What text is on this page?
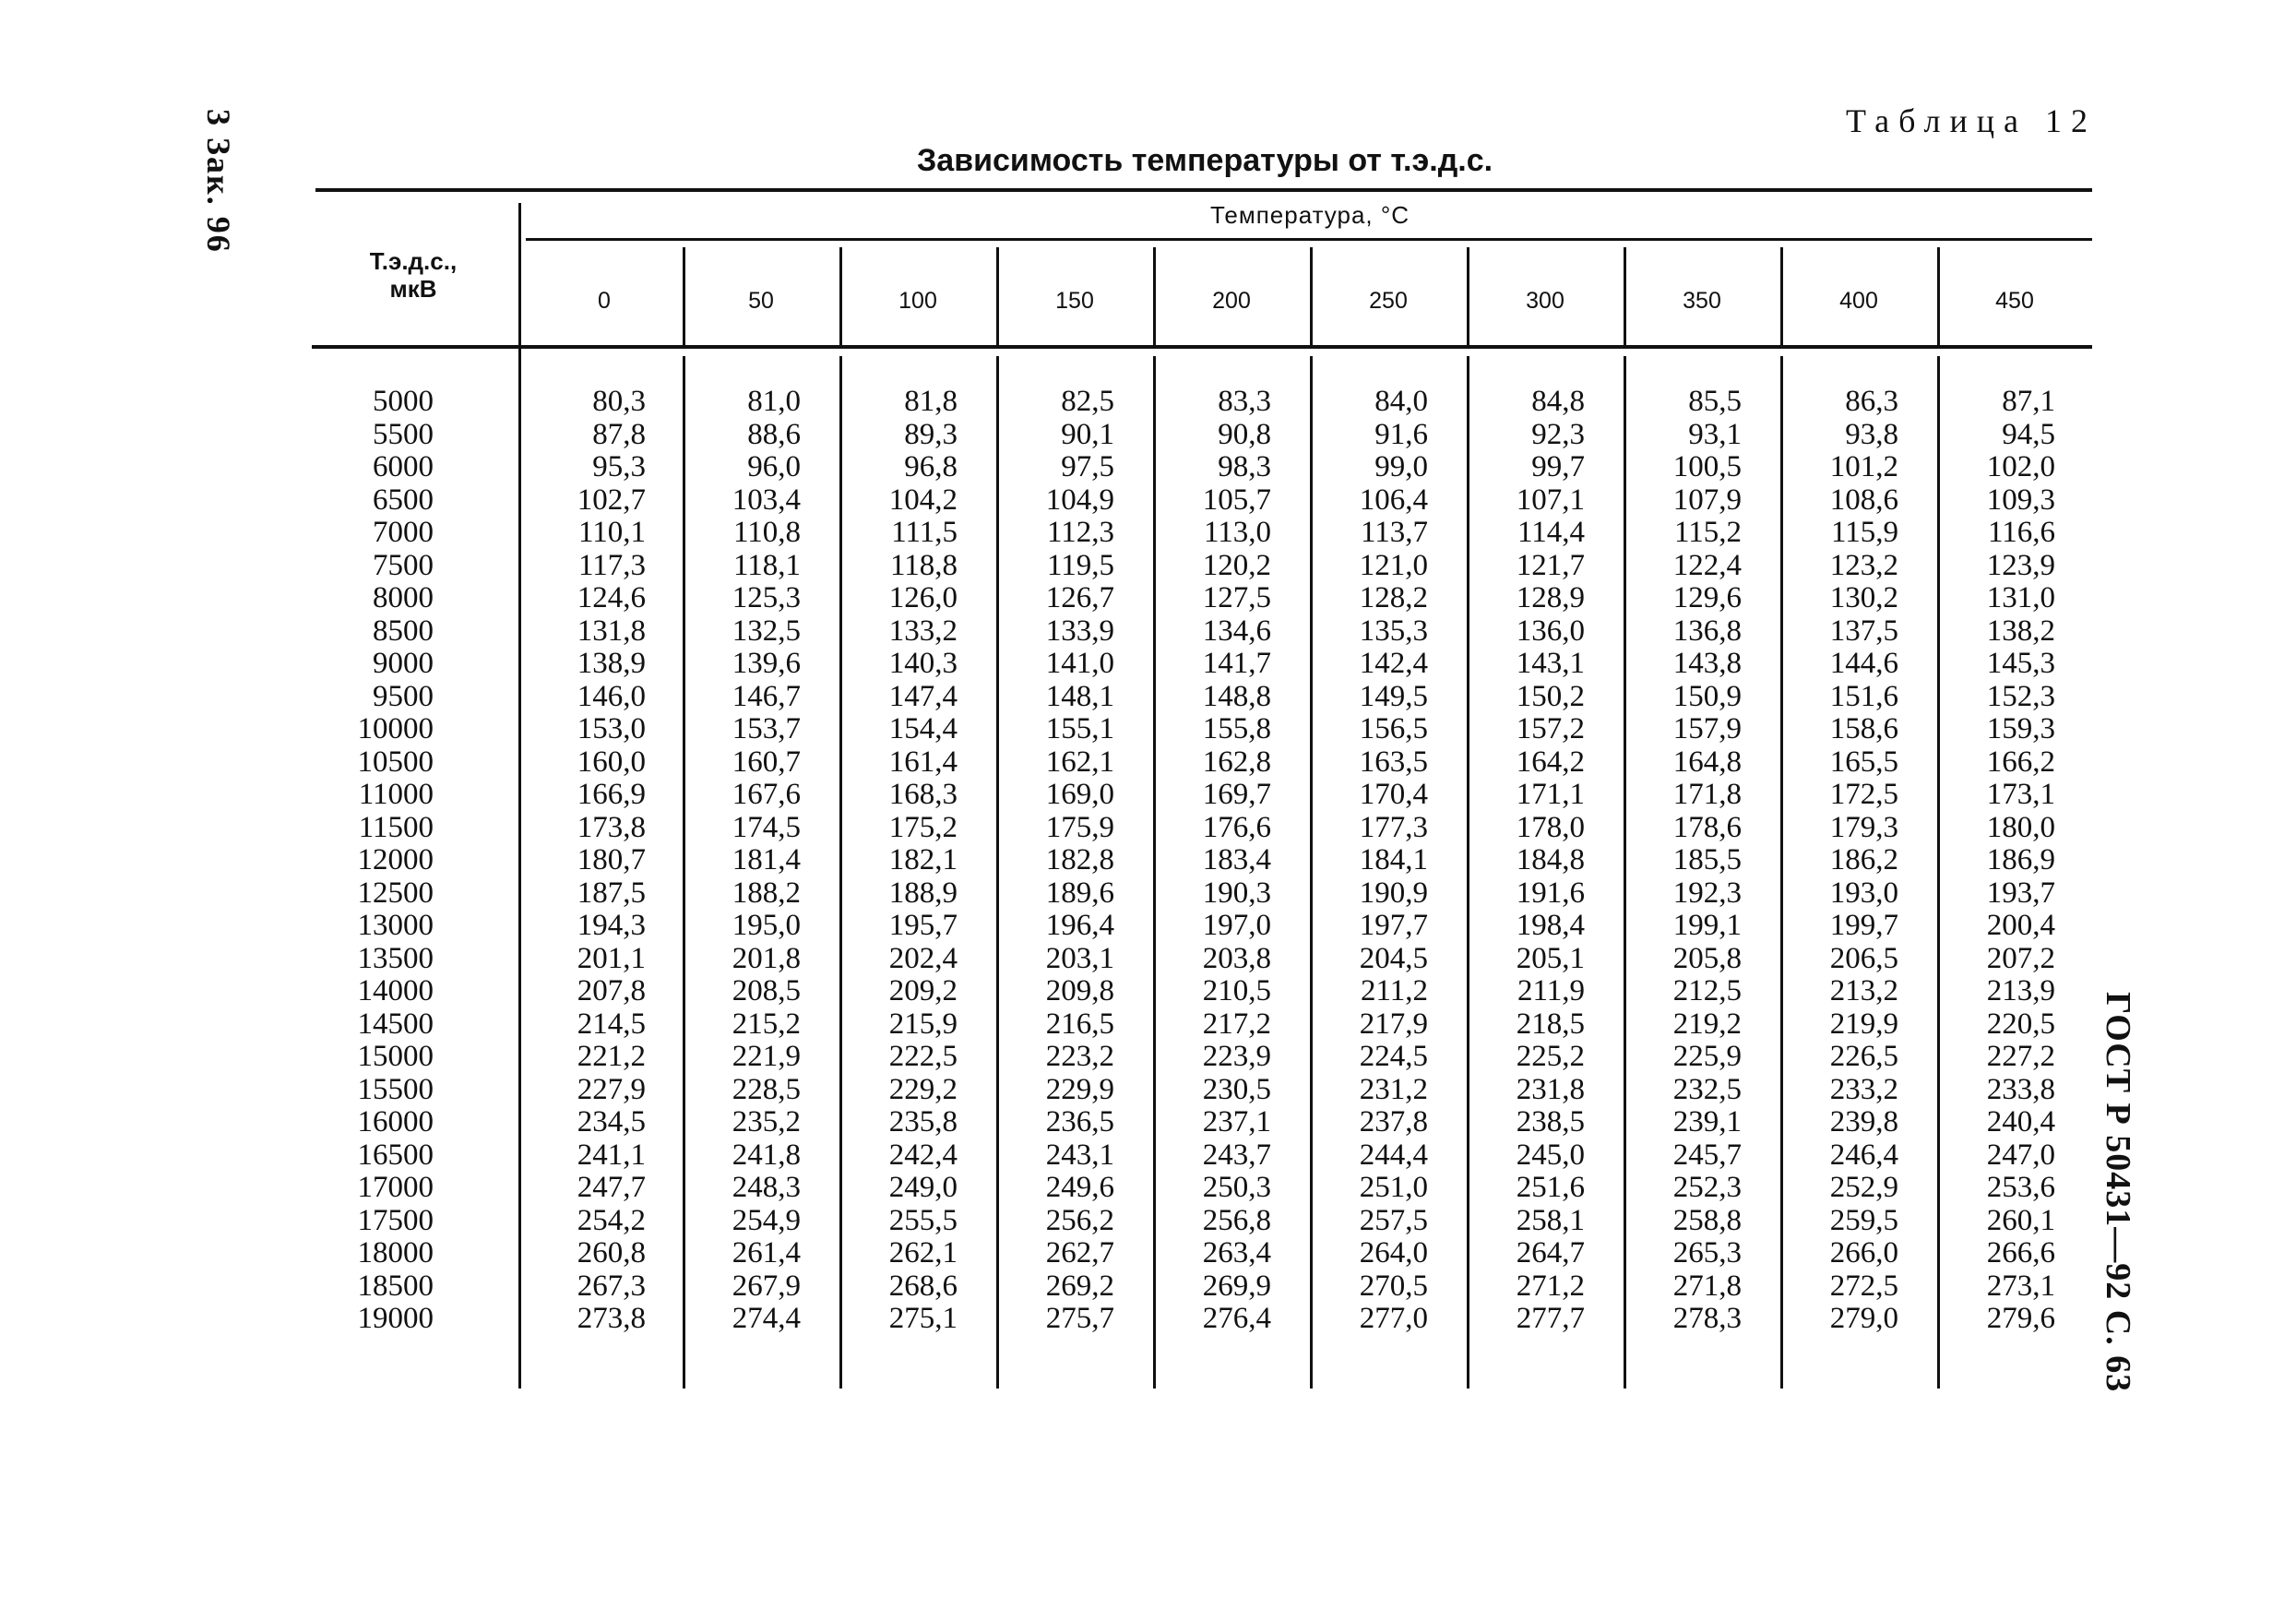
3 Зак. 96
ГОСТ Р 50431—92 С. 63
Таблица 12
Зависимость температуры от т.э.д.с.
Т.э.д.с.,
мкВ
Температура, °С
0	50	100	150	200	250	300	350	400	450
5000	80,3	81,0	81,8	82,5	83,3	84,0	84,8	85,5	86,3	87,1
5500	87,8	88,6	89,3	90,1	90,8	91,6	92,3	93,1	93,8	94,5
6000	95,3	96,0	96,8	97,5	98,3	99,0	99,7	100,5	101,2	102,0
6500	102,7	103,4	104,2	104,9	105,7	106,4	107,1	107,9	108,6	109,3
7000	110,1	110,8	111,5	112,3	113,0	113,7	114,4	115,2	115,9	116,6
7500	117,3	118,1	118,8	119,5	120,2	121,0	121,7	122,4	123,2	123,9
8000	124,6	125,3	126,0	126,7	127,5	128,2	128,9	129,6	130,2	131,0
8500	131,8	132,5	133,2	133,9	134,6	135,3	136,0	136,8	137,5	138,2
9000	138,9	139,6	140,3	141,0	141,7	142,4	143,1	143,8	144,6	145,3
9500	146,0	146,7	147,4	148,1	148,8	149,5	150,2	150,9	151,6	152,3
10000	153,0	153,7	154,4	155,1	155,8	156,5	157,2	157,9	158,6	159,3
10500	160,0	160,7	161,4	162,1	162,8	163,5	164,2	164,8	165,5	166,2
11000	166,9	167,6	168,3	169,0	169,7	170,4	171,1	171,8	172,5	173,1
11500	173,8	174,5	175,2	175,9	176,6	177,3	178,0	178,6	179,3	180,0
12000	180,7	181,4	182,1	182,8	183,4	184,1	184,8	185,5	186,2	186,9
12500	187,5	188,2	188,9	189,6	190,3	190,9	191,6	192,3	193,0	193,7
13000	194,3	195,0	195,7	196,4	197,0	197,7	198,4	199,1	199,7	200,4
13500	201,1	201,8	202,4	203,1	203,8	204,5	205,1	205,8	206,5	207,2
14000	207,8	208,5	209,2	209,8	210,5	211,2	211,9	212,5	213,2	213,9
14500	214,5	215,2	215,9	216,5	217,2	217,9	218,5	219,2	219,9	220,5
15000	221,2	221,9	222,5	223,2	223,9	224,5	225,2	225,9	226,5	227,2
15500	227,9	228,5	229,2	229,9	230,5	231,2	231,8	232,5	233,2	233,8
16000	234,5	235,2	235,8	236,5	237,1	237,8	238,5	239,1	239,8	240,4
16500	241,1	241,8	242,4	243,1	243,7	244,4	245,0	245,7	246,4	247,0
17000	247,7	248,3	249,0	249,6	250,3	251,0	251,6	252,3	252,9	253,6
17500	254,2	254,9	255,5	256,2	256,8	257,5	258,1	258,8	259,5	260,1
18000	260,8	261,4	262,1	262,7	263,4	264,0	264,7	265,3	266,0	266,6
18500	267,3	267,9	268,6	269,2	269,9	270,5	271,2	271,8	272,5	273,1
19000	273,8	274,4	275,1	275,7	276,4	277,0	277,7	278,3	279,0	279,6
